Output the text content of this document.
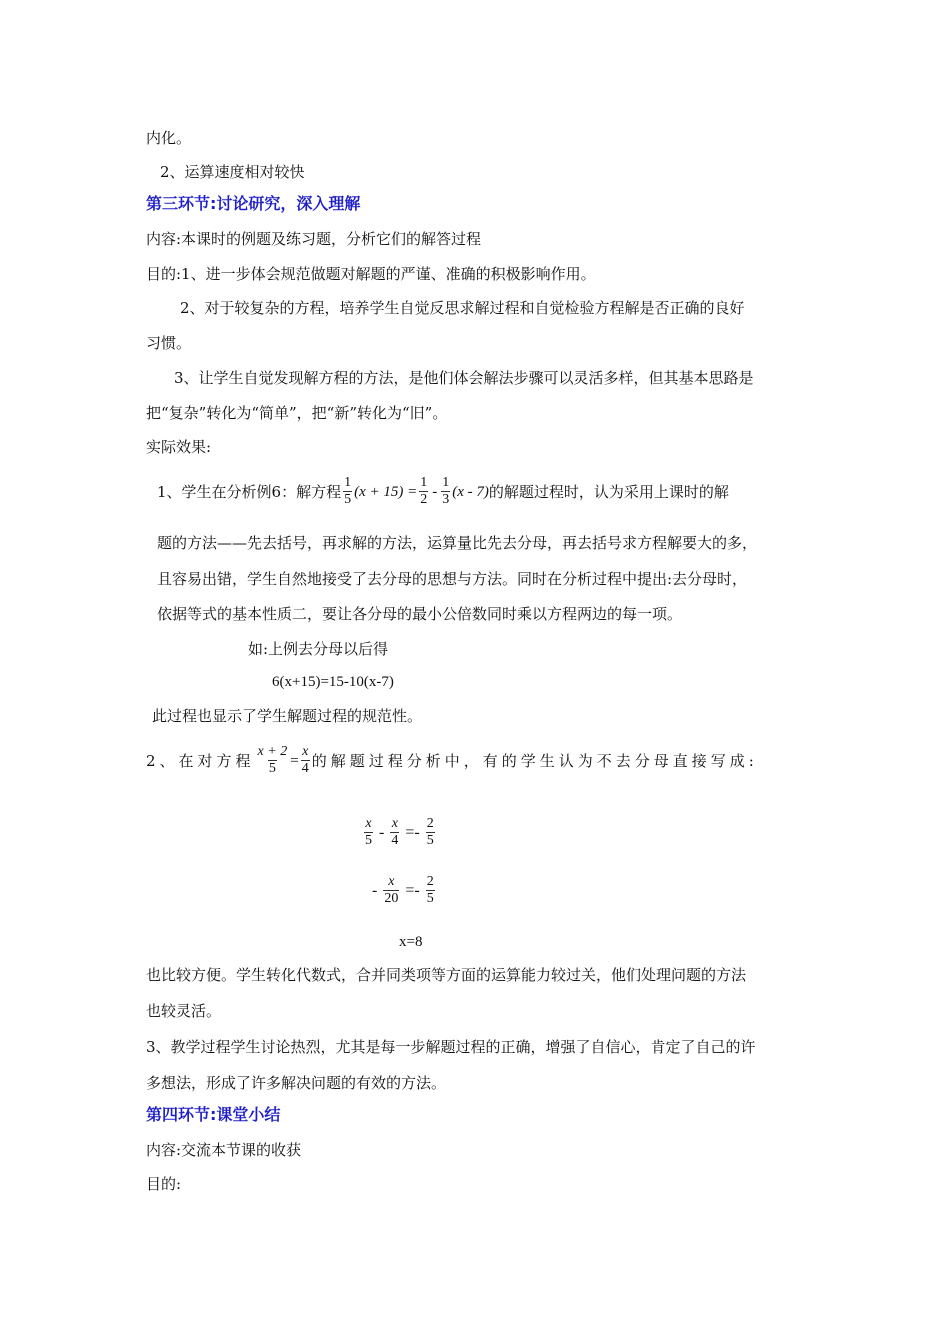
内化。
2、运算速度相对较快
第三环节:讨论研究，深入理解
内容:本课时的例题及练习题，分析它们的解答过程
目的:1、进一步体会规范做题对解题的严谨、准确的积极影响作用。
2、对于较复杂的方程，培养学生自觉反思求解过程和自觉检验方程解是否正确的良好
习惯。
3、让学生自觉发现解方程的方法，是他们体会解法步骤可以灵活多样，但其基本思路是
把“复杂”转化为“简单”，把“新”转化为“旧”。
实际效果:
1、学生在分析例6：解方程 $\frac{1}{5} (x + 15) = \frac{1}{2} - \frac{1}{3} (x - 7)$ 的解题过程时，认为采用上课时的解
题的方法——先去括号，再求解的方法，运算量比先去分母，再去括号求方程解要大的多，
且容易出错，学生自然地接受了去分母的思想与方法。同时在分析过程中提出:去分母时，
依据等式的基本性质二，要让各分母的最小公倍数同时乘以方程两边的每一项。
如:上例去分母以后得
6(x+15)=15-10(x-7)
此过程也显示了学生解题过程的规范性。
2、在对方程 $\frac{x + 2}{5} = \frac{x}{4}$ 的解题过程分析中，有的学生认为不去分母直接写成:
$\frac{x}{5} - \frac{x}{4} =- \frac{2}{5}$
- $\frac{x}{20} =- \frac{2}{5}$
x=8
也比较方便。学生转化代数式，合并同类项等方面的运算能力较过关，他们处理问题的方法
也较灵活。
3、教学过程学生讨论热烈，尤其是每一步解题过程的正确，增强了自信心，肯定了自己的许
多想法，形成了许多解决问题的有效的方法。
第四环节:课堂小结
内容:交流本节课的收获
目的:
